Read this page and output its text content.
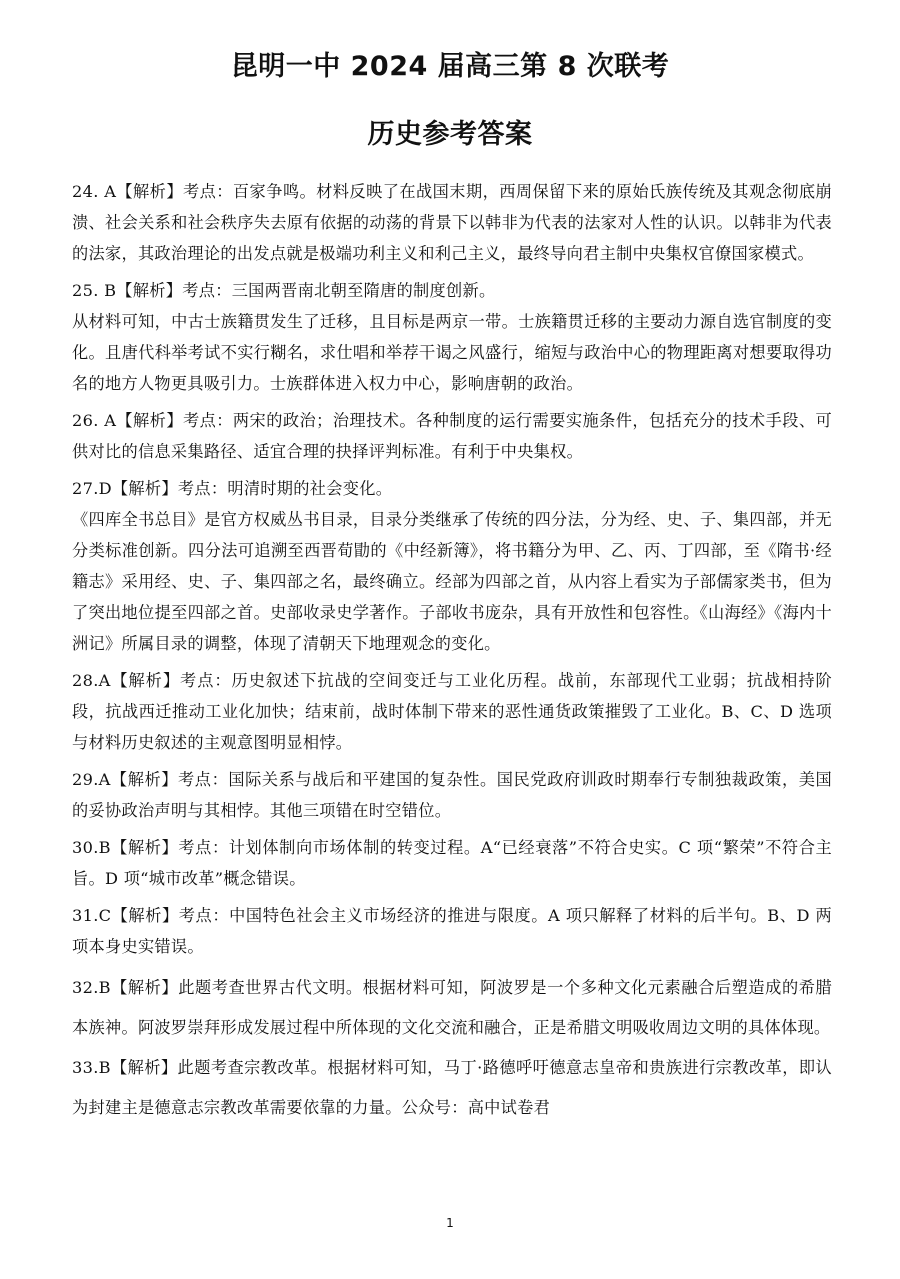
昆明一中 2024 届高三第 8 次联考
历史参考答案

24. A【解析】考点：百家争鸣。材料反映了在战国末期，西周保留下来的原始氏族传统及其观念彻底崩溃、社会关系和社会秩序失去原有依据的动荡的背景下以韩非为代表的法家对人性的认识。以韩非为代表的法家，其政治理论的出发点就是极端功利主义和利己主义，最终导向君主制中央集权官僚国家模式。

25. B【解析】考点：三国两晋南北朝至隋唐的制度创新。

从材料可知，中古士族籍贯发生了迁移，且目标是两京一带。士族籍贯迁移的主要动力源自选官制度的变化。且唐代科举考试不实行糊名，求仕唱和举荐干谒之风盛行，缩短与政治中心的物理距离对想要取得功名的地方人物更具吸引力。士族群体进入权力中心，影响唐朝的政治。

26. A【解析】考点：两宋的政治；治理技术。各种制度的运行需要实施条件，包括充分的技术手段、可供对比的信息采集路径、适宜合理的抉择评判标准。有利于中央集权。

27.D【解析】考点：明清时期的社会变化。

《四库全书总目》是官方权威丛书目录，目录分类继承了传统的四分法，分为经、史、子、集四部，并无分类标准创新。四分法可追溯至西晋荀勖的《中经新簿》，将书籍分为甲、乙、丙、丁四部，至《隋书·经籍志》采用经、史、子、集四部之名，最终确立。经部为四部之首，从内容上看实为子部儒家类书，但为了突出地位提至四部之首。史部收录史学著作。子部收书庞杂，具有开放性和包容性。《山海经》《海内十洲记》所属目录的调整，体现了清朝天下地理观念的变化。

28.A【解析】考点：历史叙述下抗战的空间变迁与工业化历程。战前，东部现代工业弱；抗战相持阶段，抗战西迁推动工业化加快；结束前，战时体制下带来的恶性通货政策摧毁了工业化。B、C、D 选项与材料历史叙述的主观意图明显相悖。

29.A【解析】考点：国际关系与战后和平建国的复杂性。国民党政府训政时期奉行专制独裁政策，美国的妥协政治声明与其相悖。其他三项错在时空错位。

30.B【解析】考点：计划体制向市场体制的转变过程。A“已经衰落”不符合史实。C 项“繁荣”不符合主旨。D 项“城市改革”概念错误。

31.C【解析】考点：中国特色社会主义市场经济的推进与限度。A 项只解释了材料的后半句。B、D 两项本身史实错误。

32.B【解析】此题考查世界古代文明。根据材料可知，阿波罗是一个多种文化元素融合后塑造成的希腊本族神。阿波罗崇拜形成发展过程中所体现的文化交流和融合，正是希腊文明吸收周边文明的具体体现。

33.B【解析】此题考查宗教改革。根据材料可知，马丁·路德呼吁德意志皇帝和贵族进行宗教改革，即认为封建主是德意志宗教改革需要依靠的力量。公众号：高中试卷君

1
